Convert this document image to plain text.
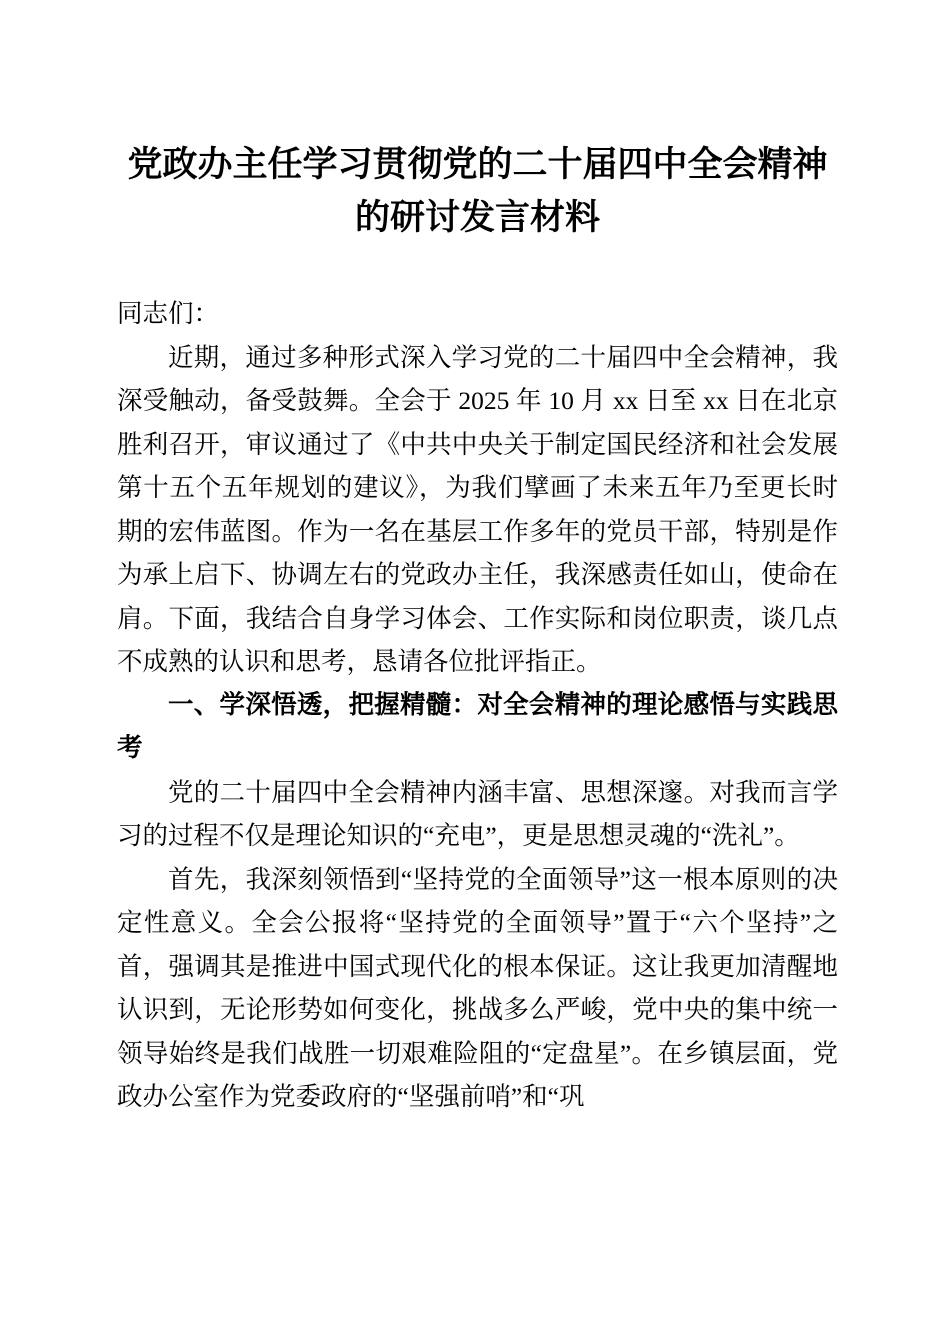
党政办主任学习贯彻党的二十届四中全会精神的研讨发言材料

同志们：

近期，通过多种形式深入学习党的二十届四中全会精神，我深受触动，备受鼓舞。全会于 2025 年 10 月 xx 日至 xx 日在北京胜利召开，审议通过了《中共中央关于制定国民经济和社会发展第十五个五年规划的建议》，为我们擘画了未来五年乃至更长时期的宏伟蓝图。作为一名在基层工作多年的党员干部，特别是作为承上启下、协调左右的党政办主任，我深感责任如山，使命在肩。下面，我结合自身学习体会、工作实际和岗位职责，谈几点不成熟的认识和思考，恳请各位批评指正。

一、学深悟透，把握精髓：对全会精神的理论感悟与实践思考

党的二十届四中全会精神内涵丰富、思想深邃。对我而言学习的过程不仅是理论知识的“充电”，更是思想灵魂的“洗礼”。

首先，我深刻领悟到“坚持党的全面领导”这一根本原则的决定性意义。全会公报将“坚持党的全面领导”置于“六个坚持”之首，强调其是推进中国式现代化的根本保证。这让我更加清醒地认识到，无论形势如何变化，挑战多么严峻，党中央的集中统一领导始终是我们战胜一切艰难险阻的“定盘星”。在乡镇层面，党政办公室作为党委政府的“坚强前哨”和“巩
